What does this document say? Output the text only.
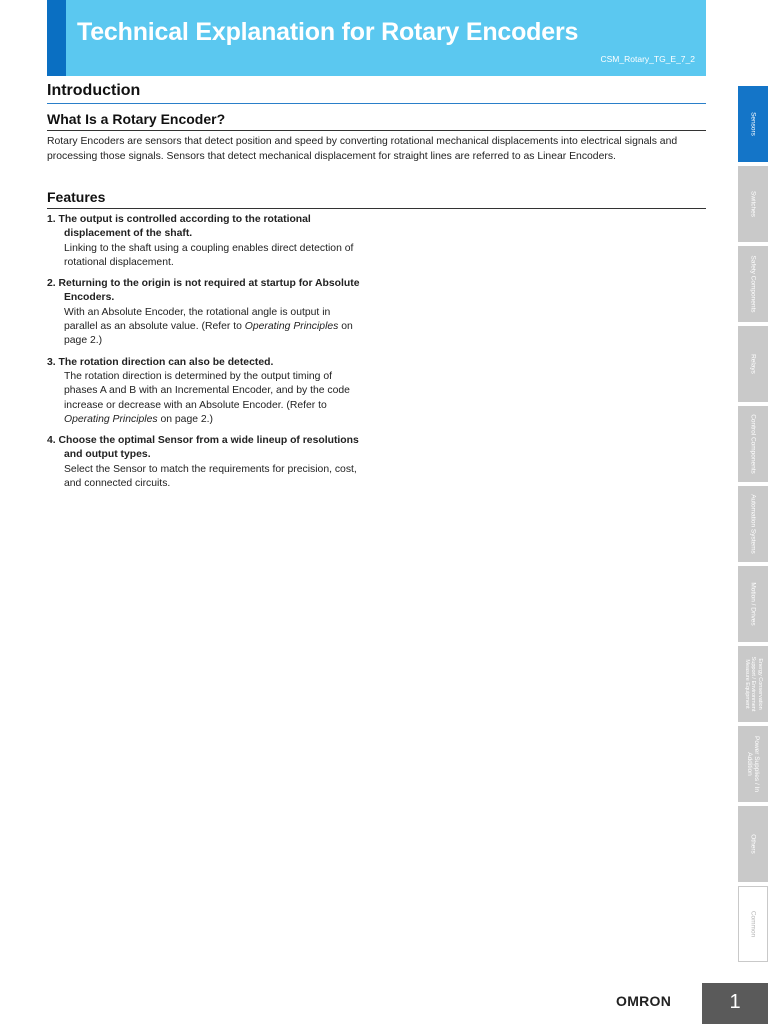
Technical Explanation for Rotary Encoders
CSM_Rotary_TG_E_7_2
Introduction
What Is a Rotary Encoder?
Rotary Encoders are sensors that detect position and speed by converting rotational mechanical displacements into electrical signals and processing those signals. Sensors that detect mechanical displacement for straight lines are referred to as Linear Encoders.
Features
1. The output is controlled according to the rotational displacement of the shaft.
Linking to the shaft using a coupling enables direct detection of rotational displacement.
2. Returning to the origin is not required at startup for Absolute Encoders.
With an Absolute Encoder, the rotational angle is output in parallel as an absolute value. (Refer to Operating Principles on page 2.)
3. The rotation direction can also be detected.
The rotation direction is determined by the output timing of phases A and B with an Incremental Encoder, and by the code increase or decrease with an Absolute Encoder. (Refer to Operating Principles on page 2.)
4. Choose the optimal Sensor from a wide lineup of resolutions and output types.
Select the Sensor to match the requirements for precision, cost, and connected circuits.
Sensors
Switches
Safety Components
Relays
Control Components
Automation Systems
Motion / Drives
Energy Conservation Support / Environment Measure Equipment
Power Supplies / In Addition
Others
Common
OMRON	1
